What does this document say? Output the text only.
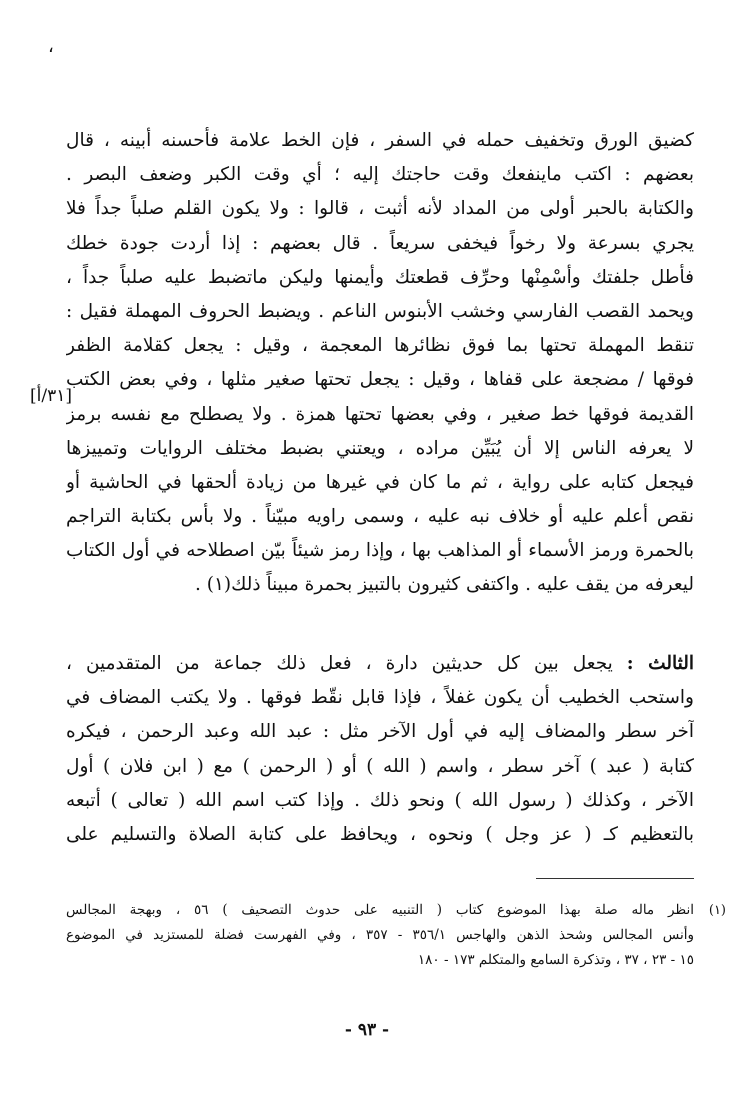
،
كضيق الورق وتخفيف حمله في السفر ، فإن الخط علامة فأحسنه أبينه ، قال
بعضهم : اكتب ماينفعك وقت حاجتك إليه ؛ أي وقت الكبر وضعف البصر .
والكتابة بالحبر أولى من المداد لأنه أثبت ، قالوا : ولا يكون القلم صلباً جداً فلا
يجري بسرعة ولا رخواً فيخفى سريعاً . قال بعضهم : إذا أردت جودة خطك
فأطل جلفتك وأسْمِنْها وحرِّف قطعتك وأيمنها وليكن ماتضبط عليه صلباً جداً ،
ويحمد القصب الفارسي وخشب الأبنوس الناعم . ويضبط الحروف المهملة فقيل :
تنقط المهملة تحتها بما فوق نظائرها المعجمة ، وقيل : يجعل كقلامة الظفر
فوقها / مضجعة على قفاها ، وقيل : يجعل تحتها صغير مثلها ، وفي بعض الكتب
القديمة فوقها خط صغير ، وفي بعضها تحتها همزة . ولا يصطلح مع نفسه برمز
لا يعرفه الناس إلا أن يُبَيِّن مراده ، ويعتني بضبط مختلف الروايات وتمييزها
فيجعل كتابه على رواية ، ثم ما كان في غيرها من زيادة ألحقها في الحاشية أو
نقص أعلم عليه أو خلاف نبه عليه ، وسمى راويه مبيّناً . ولا بأس بكتابة التراجم
بالحمرة ورمز الأسماء أو المذاهب بها ، وإذا رمز شيئاً بيّن اصطلاحه في أول الكتاب
ليعرفه من يقف عليه . واكتفى كثيرون بالتبيز بحمرة مبيناً ذلك(١) .
[٣١/أ]
الثالث : يجعل بين كل حديثين دارة ، فعل ذلك جماعة من المتقدمين ،
واستحب الخطيب أن يكون غفلاً ، فإذا قابل نقّط فوقها . ولا يكتب المضاف في
آخر سطر والمضاف إليه في أول الآخر مثل : عبد الله وعبد الرحمن ، فيكره
كتابة ( عبد ) آخر سطر ، واسم ( الله ) أو ( الرحمن ) مع ( ابن فلان ) أول
الآخر ، وكذلك ( رسول الله ) ونحو ذلك . وإذا كتب اسم الله ( تعالى ) أتبعه
بالتعظيم كـ ( عز وجل ) ونحوه ، ويحافظ على كتابة الصلاة والتسليم على
(١)
انظر ماله صلة بهذا الموضوع كتاب ( التنبيه على حدوث التصحيف ) ٥٦ ، وبهجة المجالس
وأنس المجالس وشحذ الذهن والهاجس ٣٥٦/١ - ٣٥٧ ، وفي الفهرست فضلة للمستزيد في الموضوع
١٥ - ٢٣ ، ٣٧ ، وتذكرة السامع والمتكلم ١٧٣ - ١٨٠
- ٩٣ -
